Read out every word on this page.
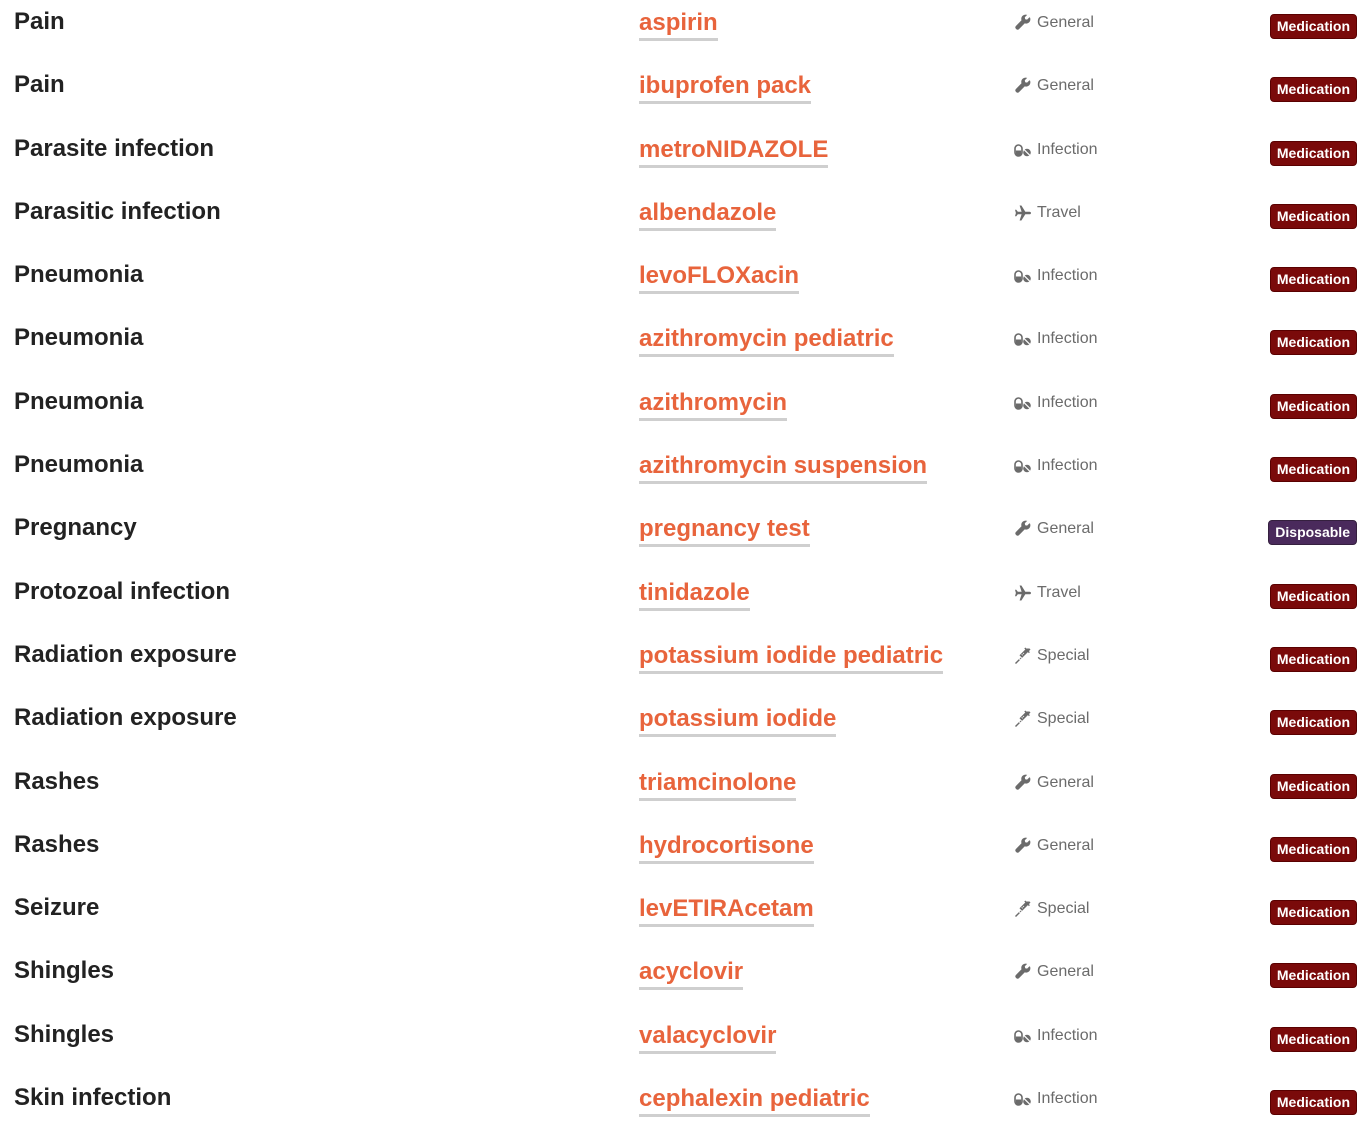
Pain	aspirin	General	Medication
Pain	ibuprofen pack	General	Medication
Parasite infection	metroNIDAZOLE	Infection	Medication
Parasitic infection	albendazole	Travel	Medication
Pneumonia	levoFLOXacin	Infection	Medication
Pneumonia	azithromycin pediatric	Infection	Medication
Pneumonia	azithromycin	Infection	Medication
Pneumonia	azithromycin suspension	Infection	Medication
Pregnancy	pregnancy test	General	Disposable
Protozoal infection	tinidazole	Travel	Medication
Radiation exposure	potassium iodide pediatric	Special	Medication
Radiation exposure	potassium iodide	Special	Medication
Rashes	triamcinolone	General	Medication
Rashes	hydrocortisone	General	Medication
Seizure	levETIRAcetam	Special	Medication
Shingles	acyclovir	General	Medication
Shingles	valacyclovir	Infection	Medication
Skin infection	cephalexin pediatric	Infection	Medication
